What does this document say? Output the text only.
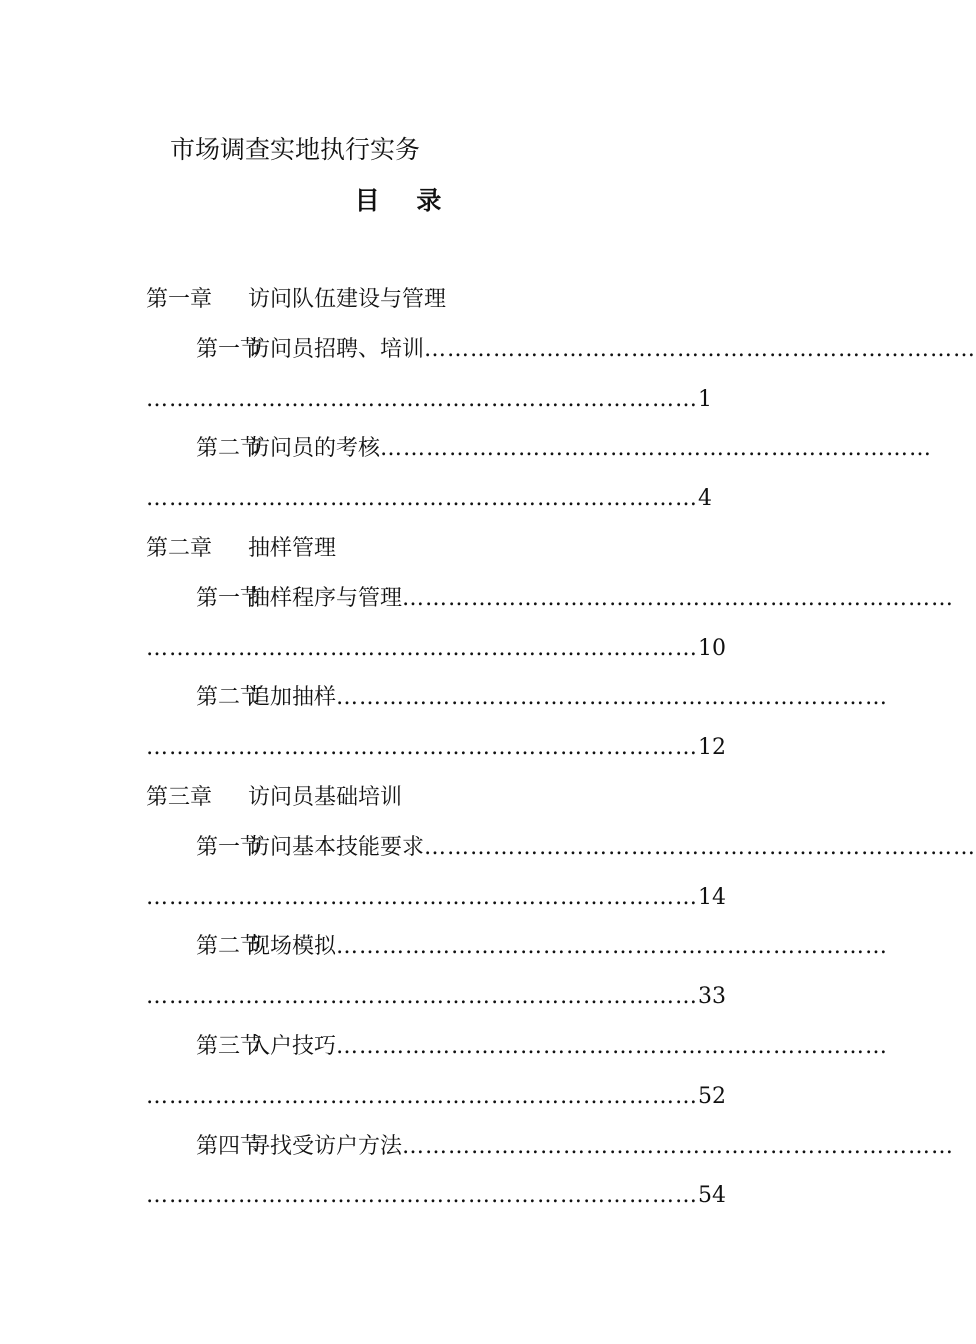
市场调查实地执行实务
目 录
第一章 访问队伍建设与管理
第一节
访问员招聘、培训 ………………………………………………………………
……………………………………………………………… 1
第二节
访问员的考核 ………………………………………………………………
……………………………………………………………… 4
第二章 抽样管理
第一节
抽样程序与管理 ………………………………………………………………
……………………………………………………………… 10
第二节
追加抽样 ………………………………………………………………
……………………………………………………………… 12
第三章 访问员基础培训
第一节
访问基本技能要求 ………………………………………………………………
……………………………………………………………… 14
第二节
现场模拟 ………………………………………………………………
……………………………………………………………… 33
第三节
入户技巧 ………………………………………………………………
……………………………………………………………… 52
第四节
寻找受访户方法 ………………………………………………………………
……………………………………………………………… 54
